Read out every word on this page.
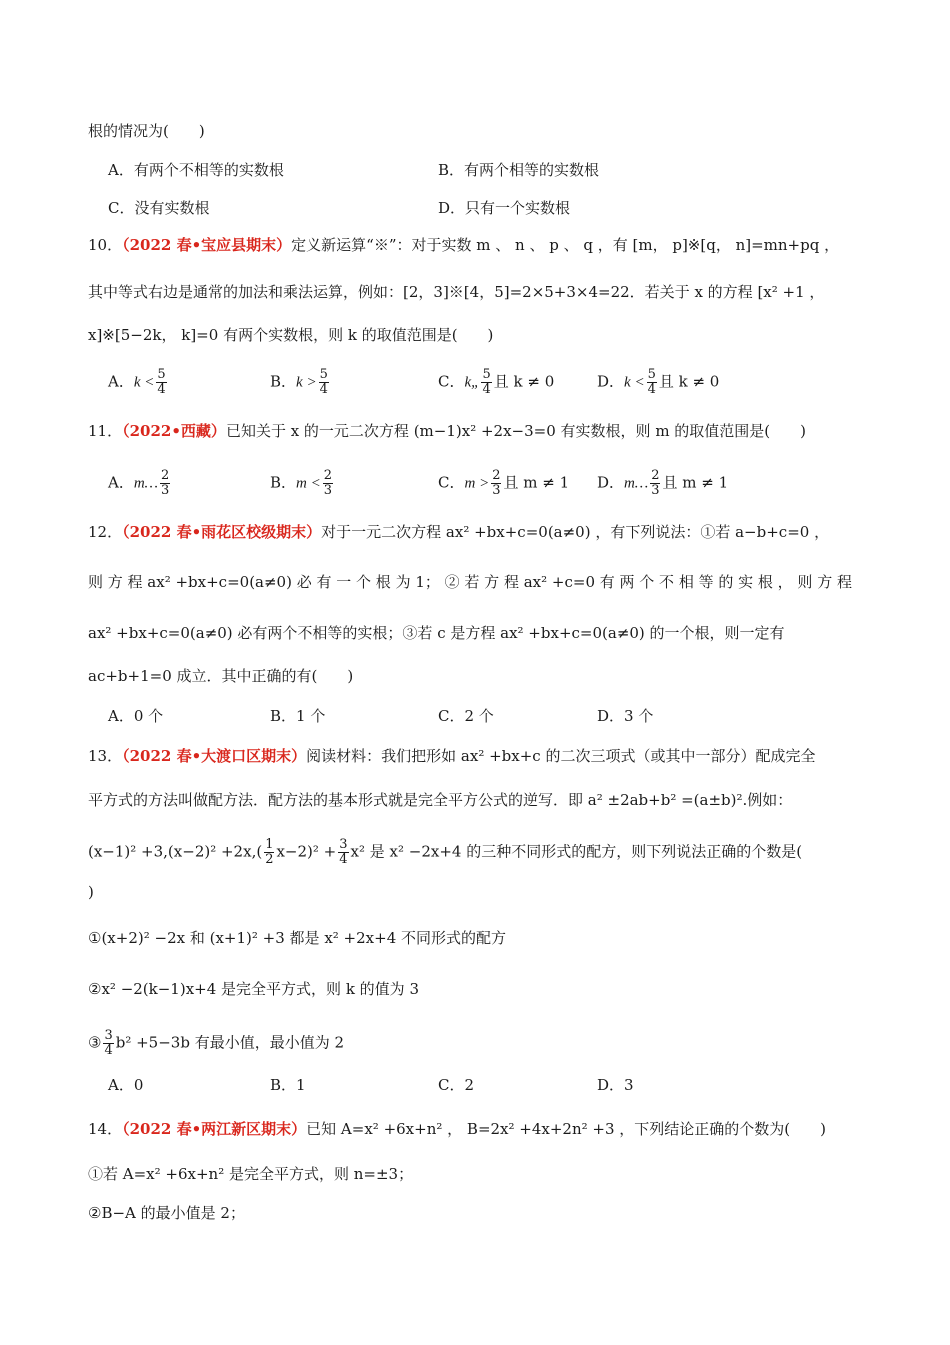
根的情况为(　　)
A．有两个不相等的实数根	B．有两个相等的实数根
C．没有实数根	D．只有一个实数根
10．（2022 春•宝应县期末）定义新运算“※”：对于实数 m 、 n 、 p 、 q ，有 [m， p]※[q， n]=mn+pq ，
其中等式右边是通常的加法和乘法运算，例如：[2，3]※[4，5]=2×5+3×4=22．若关于 x 的方程 [x² +1 ，
x]※[5−2k， k]=0 有两个实数根，则 k 的取值范围是(　　)
A．$k < \frac{5}{4}$	B．$k > \frac{5}{4}$	C．k„ $\frac{5}{4}$ 且 k ≠ 0	D．$k < \frac{5}{4}$ 且 k ≠ 0
11．（2022•西藏）已知关于 x 的一元二次方程 (m−1)x² +2x−3=0 有实数根，则 m 的取值范围是(　　)
A．m… $\frac{2}{3}$	B．$m < \frac{2}{3}$	C．$m > \frac{2}{3}$ 且 m ≠ 1 D．m… $\frac{2}{3}$ 且 m ≠ 1
12．（2022 春•雨花区校级期末）对于一元二次方程 ax² +bx+c=0(a≠0) ，有下列说法：①若 a−b+c=0 ，
则 方 程 ax² +bx+c=0(a≠0) 必 有 一 个 根 为 1； ② 若 方 程 ax² +c=0 有 两 个 不 相 等 的 实 根 ， 则 方 程
ax² +bx+c=0(a≠0) 必有两个不相等的实根；③若 c 是方程 ax² +bx+c=0(a≠0) 的一个根，则一定有
ac+b+1=0 成立．其中正确的有(　　)
A．0 个	B．1 个	C．2 个	D．3 个
13．（2022 春•大渡口区期末）阅读材料：我们把形如 ax² +bx+c 的二次三项式（或其中一部分）配成完全
平方式的方法叫做配方法．配方法的基本形式就是完全平方公式的逆写．即 a² ±2ab+b² =(a±b)².例如：
$(x-1)^2 +3,(x-2)^2 +2x,( \frac{1}{2} x-2)^2 + \frac{3}{4} x^2$ 是 x² −2x+4 的三种不同形式的配方，则下列说法正确的个数是(
)
①(x+2)² −2x 和 (x+1)² +3 都是 x² +2x+4 不同形式的配方
②x² −2(k−1)x+4 是完全平方式，则 k 的值为 3
③ $\frac{3}{4} b^2 +5-3b$ 有最小值，最小值为 2
A．0	B．1	C．2	D．3
14．（2022 春•两江新区期末）已知 A=x² +6x+n² ， B=2x² +4x+2n² +3 ，下列结论正确的个数为(　　)
①若 A=x² +6x+n² 是完全平方式，则 n=±3；
②B−A 的最小值是 2；
